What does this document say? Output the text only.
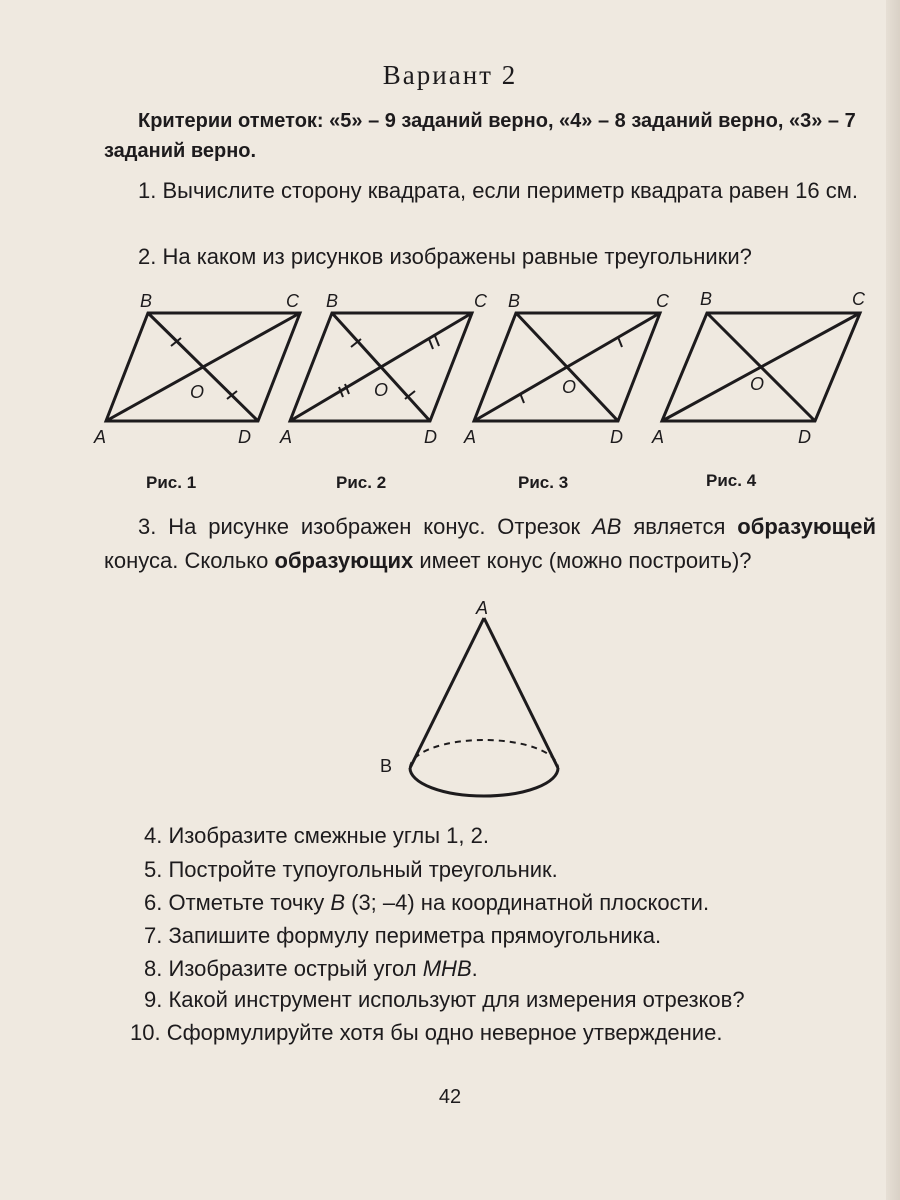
Вариант 2
Критерии отметок: «5» – 9 заданий верно, «4» – 8 заданий верно, «3» – 7 заданий верно.
1. Вычислите сторону квадрата, если периметр квадрата равен 16 см.
2. На каком из рисунков изображены равные треугольники?
B	C
A	D
O
B	C
A	D
O
B	C
A	D
O
B	C
A	D
O
Рис. 1	Рис. 2	Рис. 3	Рис. 4
3. На рисунке изображен конус. Отрезок AB является образующей конуса. Сколько образующих имеет конус (можно построить)?
A
B
4. Изобразите смежные углы 1, 2.
5. Постройте тупоугольный треугольник.
6. Отметьте точку B (3; –4) на координатной плоскости.
7. Запишите формулу периметра прямоугольника.
8. Изобразите острый угол MHB.
9. Какой инструмент используют для измерения отрезков?
10. Сформулируйте хотя бы одно неверное утверждение.
42
